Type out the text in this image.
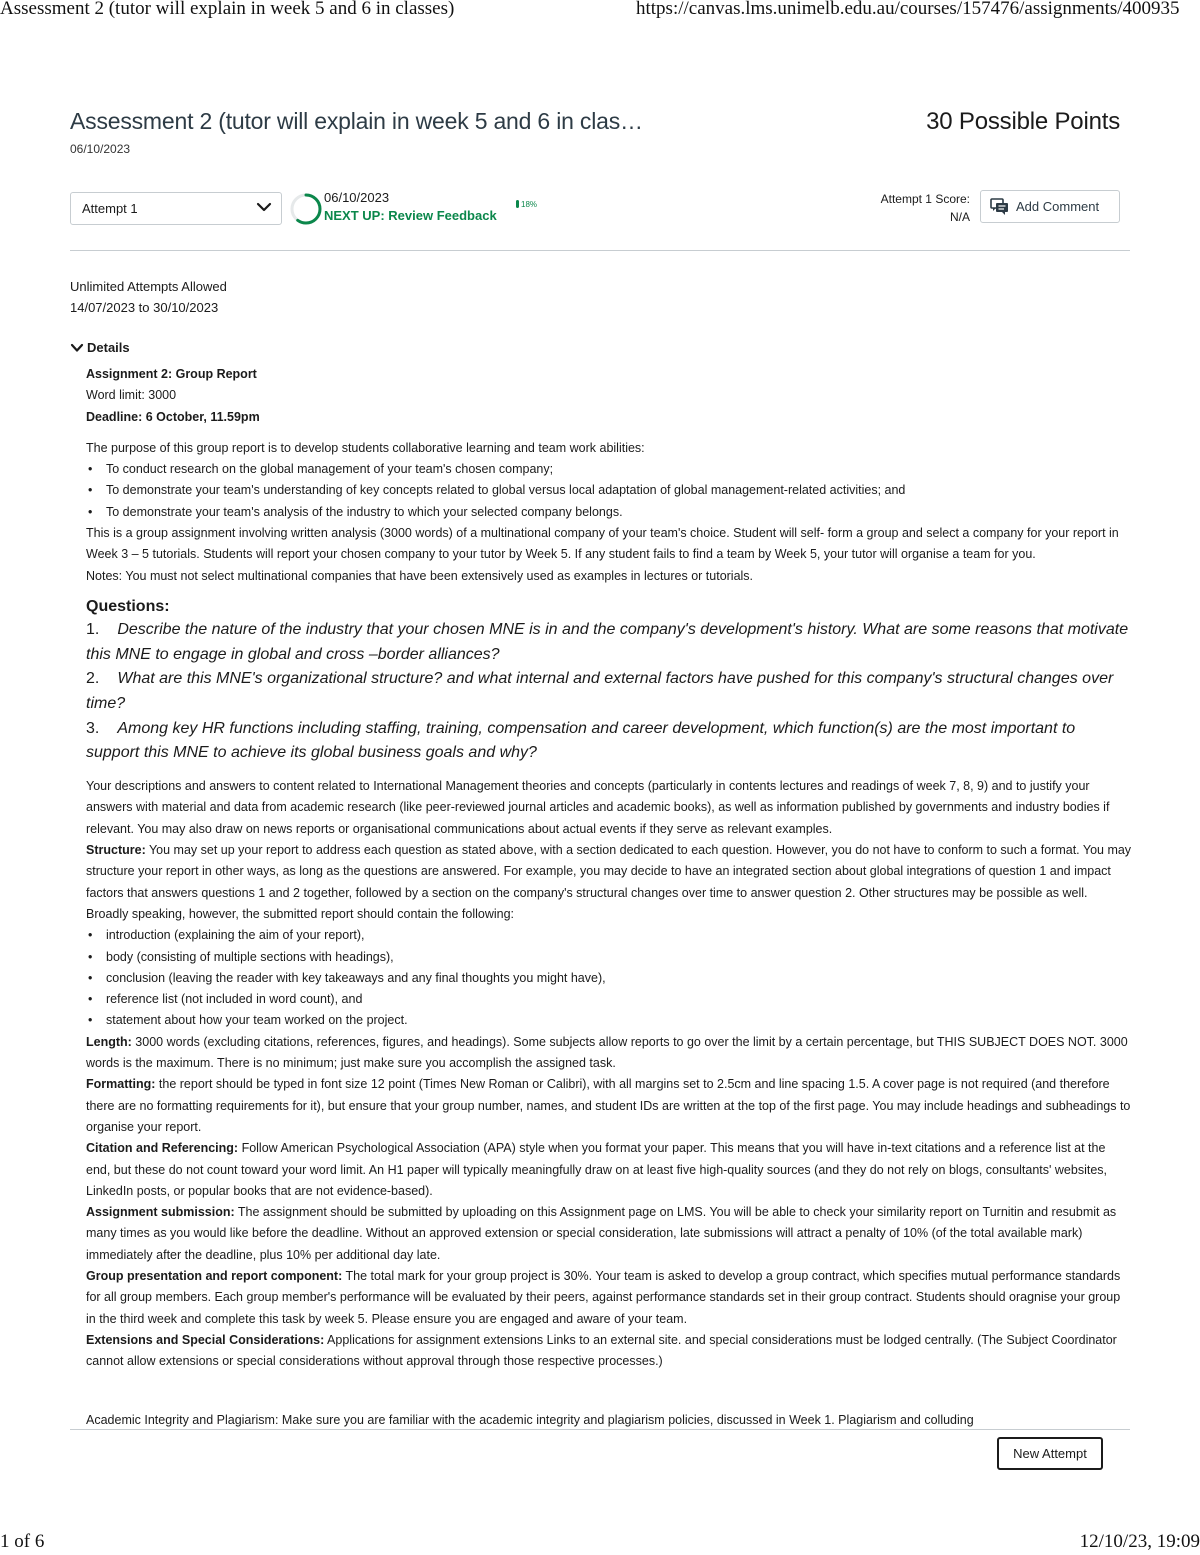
Assessment 2 (tutor will explain in week 5 and 6 in classes)	https://canvas.lms.unimelb.edu.au/courses/157476/assignments/400935
Assessment 2 (tutor will explain in week 5 and 6 in clas…	30 Possible Points
06/10/2023
Attempt 1
06/10/2023
NEXT UP: Review Feedback
18%	Attempt 1 Score:
N/A
Add Comment
Unlimited Attempts Allowed
14/07/2023 to 30/10/2023
Details

Assignment 2: Group Report

Word limit: 3000

Deadline: 6 October, 11.59pm

The purpose of this group report is to develop students collaborative learning and team work abilities:

• To conduct research on the global management of your team's chosen company;
• To demonstrate your team's understanding of key concepts related to global versus local adaptation of global management-related activities; and
• To demonstrate your team's analysis of the industry to which your selected company belongs.

This is a group assignment involving written analysis (3000 words) of a multinational company of your team's choice. Student will self- form a group and select a company for your report in Week 3 – 5 tutorials. Students will report your chosen company to your tutor by Week 5. If any student fails to find a team by Week 5, your tutor will organise a team for you.

Notes: You must not select multinational companies that have been extensively used as examples in lectures or tutorials.

Questions:
1. Describe the nature of the industry that your chosen MNE is in and the company's development's history. What are some reasons that motivate this MNE to engage in global and cross –border alliances?
2. What are this MNE's organizational structure? and what internal and external factors have pushed for this company's structural changes over time?
3. Among key HR functions including staffing, training, compensation and career development, which function(s) are the most important to support this MNE to achieve its global business goals and why?

Your descriptions and answers to content related to International Management theories and concepts (particularly in contents lectures and readings of week 7, 8, 9) and to justify your answers with material and data from academic research (like peer-reviewed journal articles and academic books), as well as information published by governments and industry bodies if relevant. You may also draw on news reports or organisational communications about actual events if they serve as relevant examples.

Structure: You may set up your report to address each question as stated above, with a section dedicated to each question. However, you do not have to conform to such a format. You may structure your report in other ways, as long as the questions are answered. For example, you may decide to have an integrated section about global integrations of question 1 and impact factors that answers questions 1 and 2 together, followed by a section on the company's structural changes over time to answer question 2. Other structures may be possible as well. Broadly speaking, however, the submitted report should contain the following:

• introduction (explaining the aim of your report),
• body (consisting of multiple sections with headings),
• conclusion (leaving the reader with key takeaways and any final thoughts you might have),
• reference list (not included in word count), and
• statement about how your team worked on the project.

Length: 3000 words (excluding citations, references, figures, and headings). Some subjects allow reports to go over the limit by a certain percentage, but THIS SUBJECT DOES NOT. 3000 words is the maximum. There is no minimum; just make sure you accomplish the assigned task.

Formatting: the report should be typed in font size 12 point (Times New Roman or Calibri), with all margins set to 2.5cm and line spacing 1.5. A cover page is not required (and therefore there are no formatting requirements for it), but ensure that your group number, names, and student IDs are written at the top of the first page. You may include headings and subheadings to organise your report.

Citation and Referencing: Follow American Psychological Association (APA) style when you format your paper. This means that you will have in-text citations and a reference list at the end, but these do not count toward your word limit. An H1 paper will typically meaningfully draw on at least five high-quality sources (and they do not rely on blogs, consultants' websites, LinkedIn posts, or popular books that are not evidence-based).

Assignment submission: The assignment should be submitted by uploading on this Assignment page on LMS. You will be able to check your similarity report on Turnitin and resubmit as many times as you would like before the deadline. Without an approved extension or special consideration, late submissions will attract a penalty of 10% (of the total available mark) immediately after the deadline, plus 10% per additional day late.

Group presentation and report component: The total mark for your group project is 30%. Your team is asked to develop a group contract, which specifies mutual performance standards for all group members. Each group member's performance will be evaluated by their peers, against performance standards set in their group contract. Students should oragnise your group in the third week and complete this task by week 5. Please ensure you are engaged and aware of your team.

Extensions and Special Considerations: Applications for assignment extensions Links to an external site. and special considerations must be lodged centrally. (The Subject Coordinator cannot allow extensions or special considerations without approval through those respective processes.)

Academic Integrity and Plagiarism: Make sure you are familiar with the academic integrity and plagiarism policies, discussed in Week 1. Plagiarism and colluding
New Attempt
1 of 6	12/10/23, 19:09
